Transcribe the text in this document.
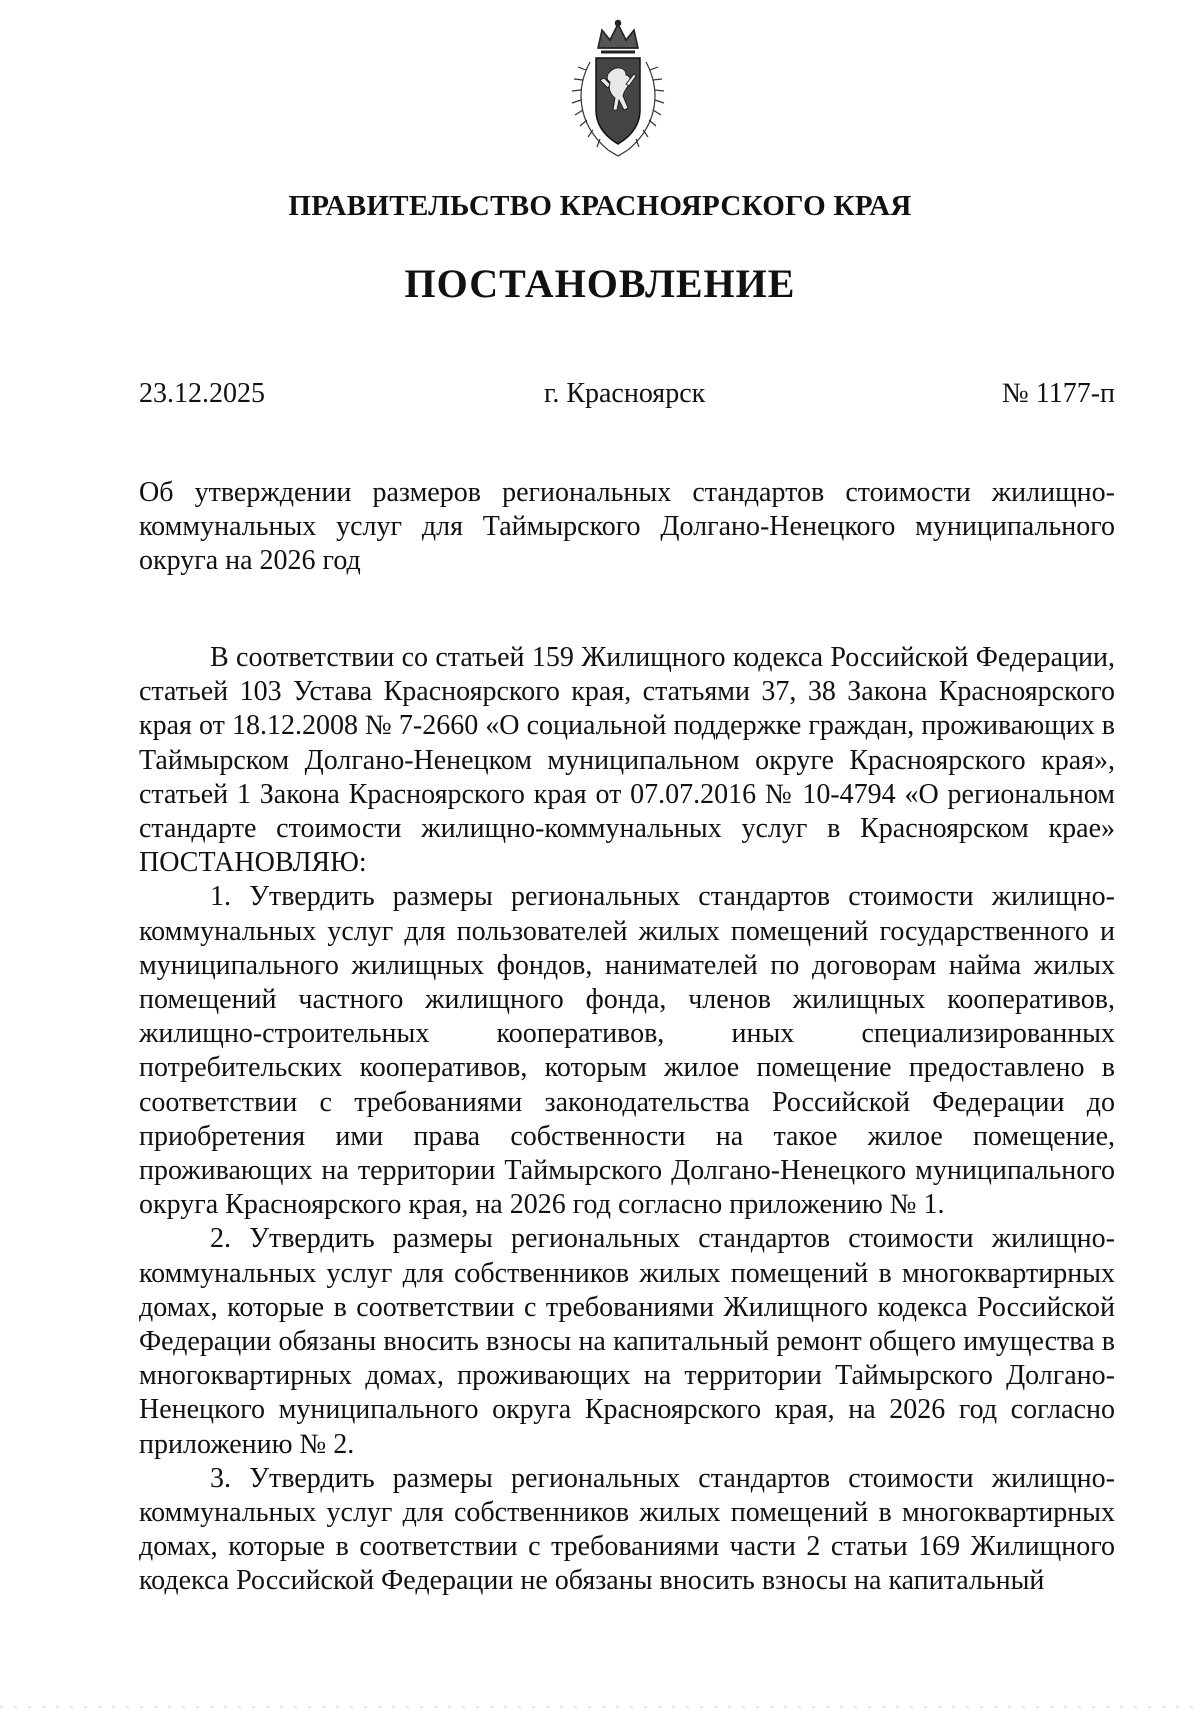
ПРАВИТЕЛЬСТВО КРАСНОЯРСКОГО КРАЯ
ПОСТАНОВЛЕНИЕ
23.12.2025	г. Красноярск	№ 1177-п
Об утверждении размеров региональных стандартов стоимости жилищно-коммунальных услуг для Таймырского Долгано-Ненецкого муниципального округа на 2026 год

В соответствии со статьей 159 Жилищного кодекса Российской Федерации, статьей 103 Устава Красноярского края, статьями 37, 38 Закона Красноярского края от 18.12.2008 № 7-2660 «О социальной поддержке граждан, проживающих в Таймырском Долгано-Ненецком муниципальном округе Красноярского края», статьей 1 Закона Красноярского края от 07.07.2016 № 10-4794 «О региональном стандарте стоимости жилищно-коммунальных услуг в Красноярском крае» ПОСТАНОВЛЯЮ:

1. Утвердить размеры региональных стандартов стоимости жилищно-коммунальных услуг для пользователей жилых помещений государственного и муниципального жилищных фондов, нанимателей по договорам найма жилых помещений частного жилищного фонда, членов жилищных кооперативов, жилищно-строительных кооперативов, иных специализированных потребительских кооперативов, которым жилое помещение предоставлено в соответствии с требованиями законодательства Российской Федерации до приобретения ими права собственности на такое жилое помещение, проживающих на территории Таймырского Долгано-Ненецкого муниципального округа Красноярского края, на 2026 год согласно приложению № 1.

2. Утвердить размеры региональных стандартов стоимости жилищно-коммунальных услуг для собственников жилых помещений в многоквартирных домах, которые в соответствии с требованиями Жилищного кодекса Российской Федерации обязаны вносить взносы на капитальный ремонт общего имущества в многоквартирных домах, проживающих на территории Таймырского Долгано-Ненецкого муниципального округа Красноярского края, на 2026 год согласно приложению № 2.

3. Утвердить размеры региональных стандартов стоимости жилищно-коммунальных услуг для собственников жилых помещений в многоквартирных домах, которые в соответствии с требованиями части 2 статьи 169 Жилищного кодекса Российской Федерации не обязаны вносить взносы на капитальный
